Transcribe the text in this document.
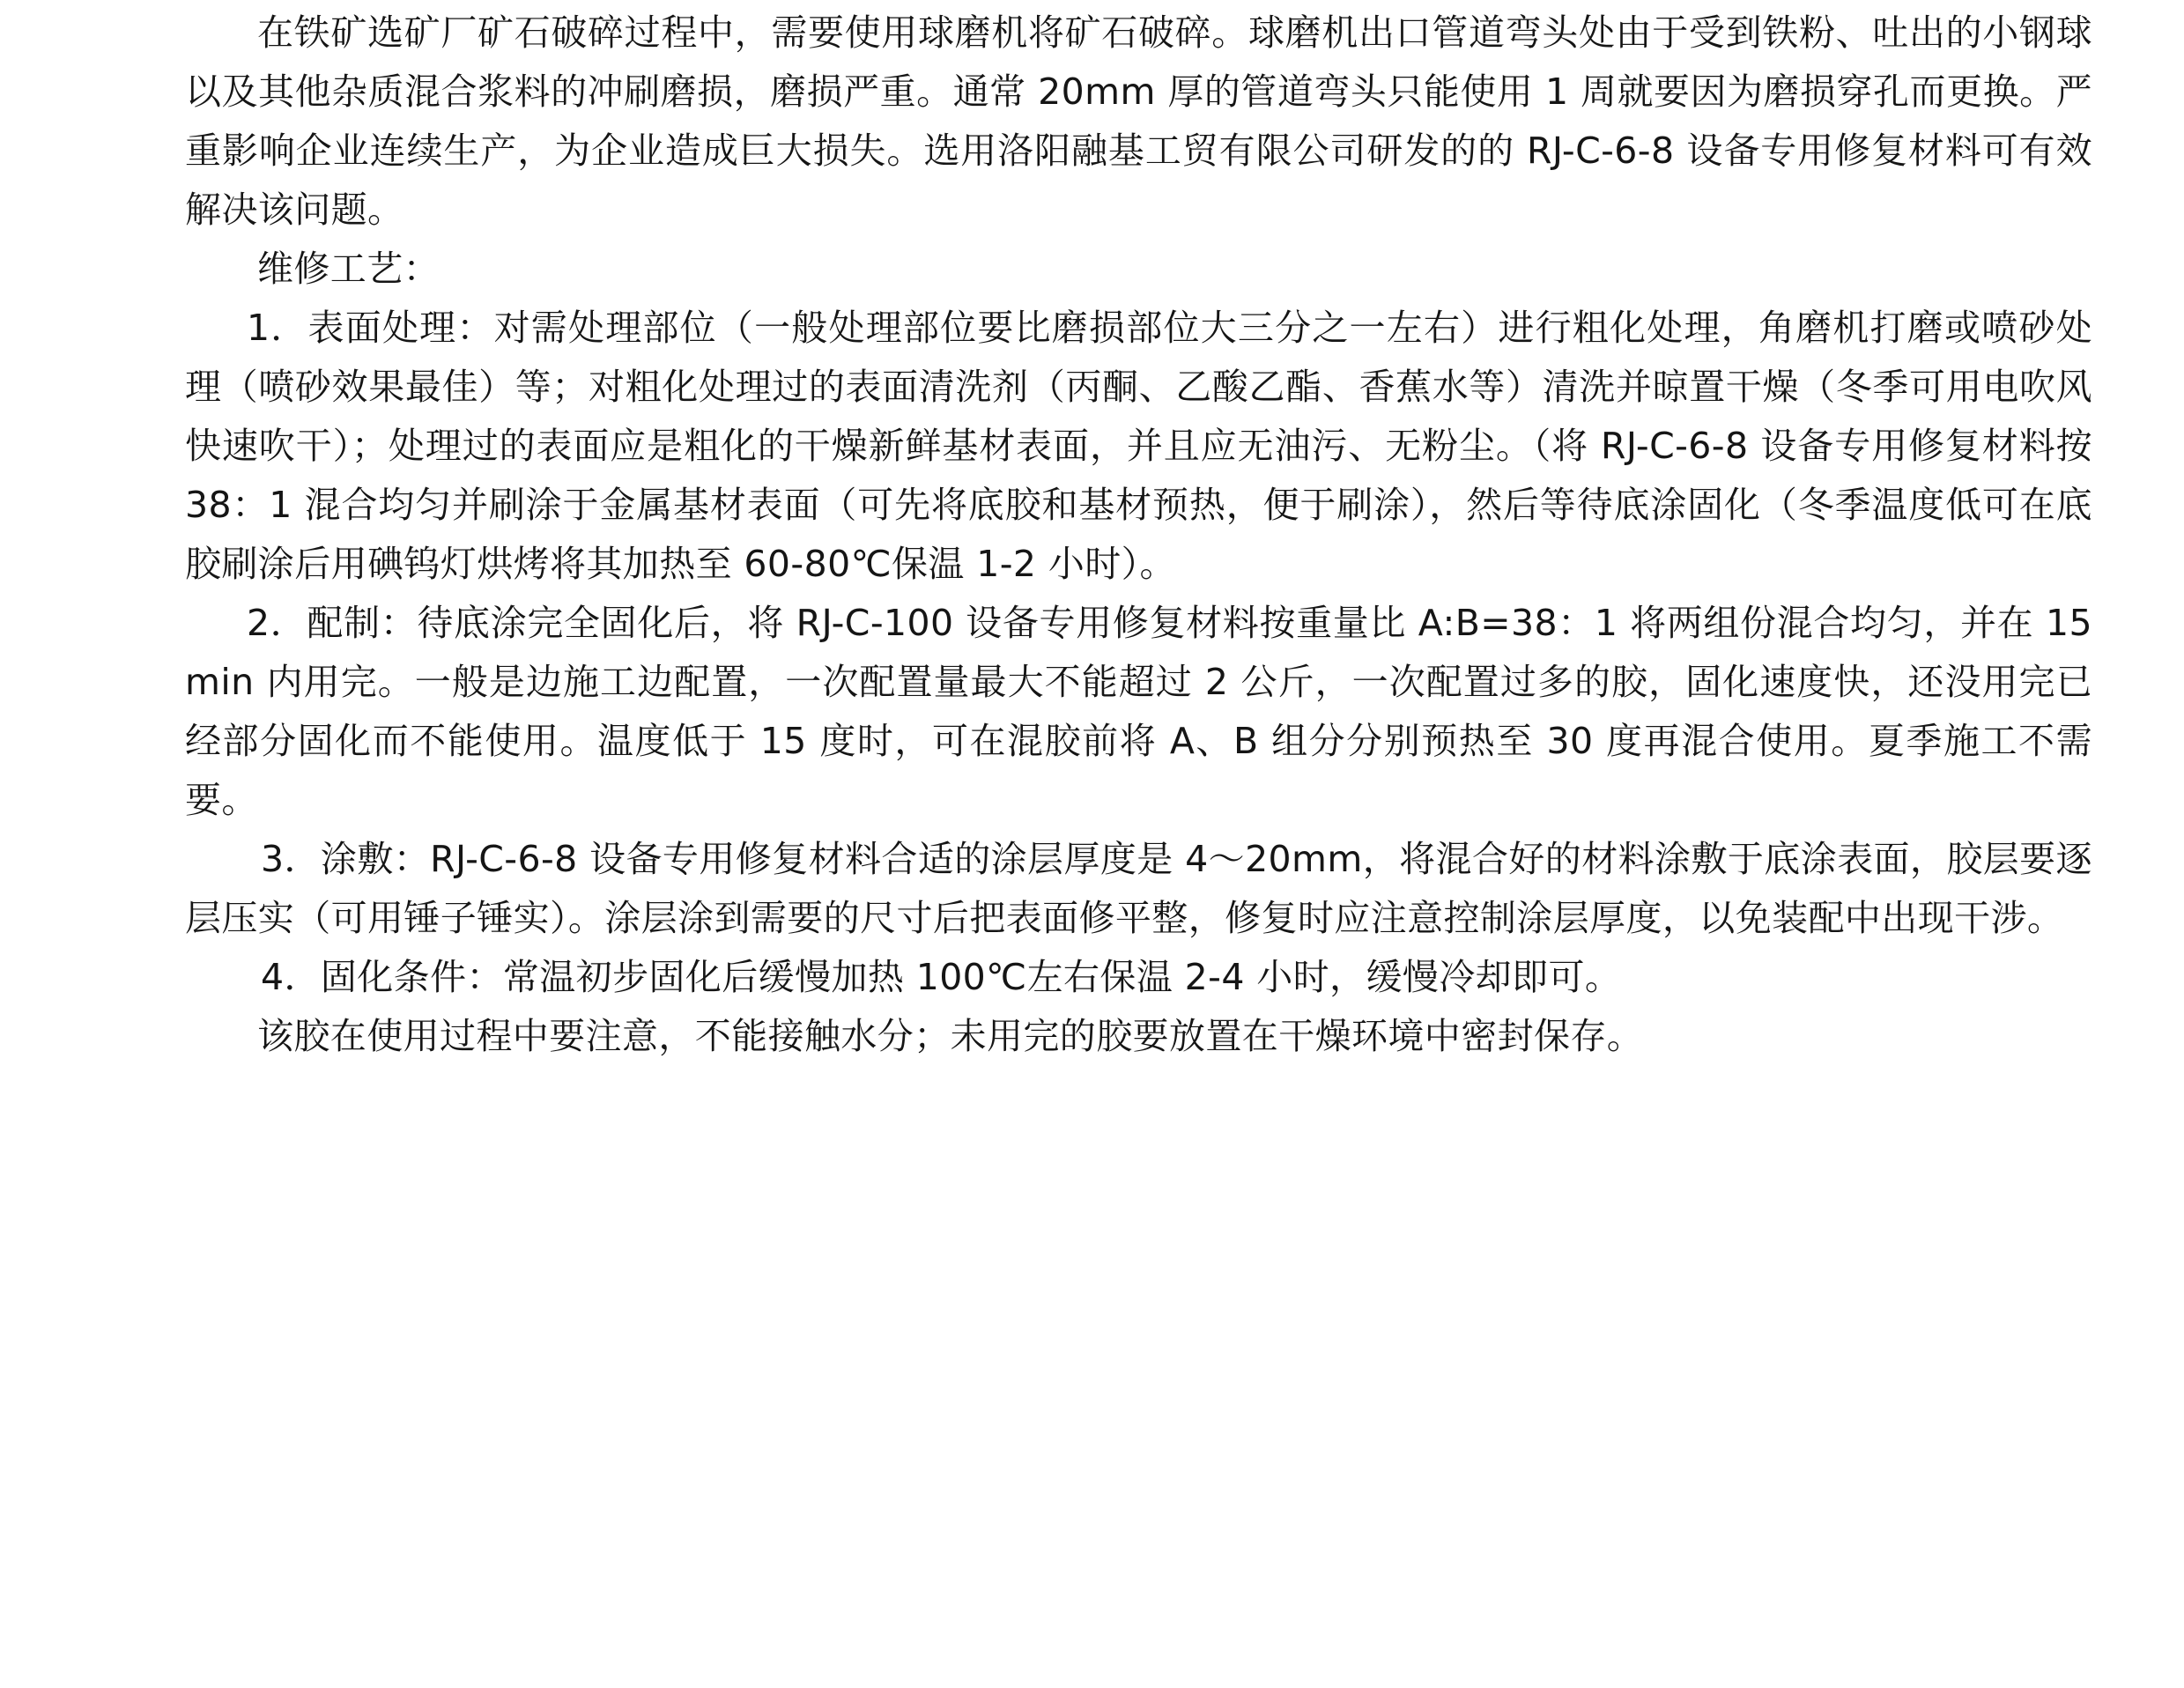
在铁矿选矿厂矿石破碎过程中，需要使用球磨机将矿石破碎。球磨机出口管道弯头处由于受到铁粉、吐出的小钢球以及其他杂质混合浆料的冲刷磨损，磨损严重。通常 20mm 厚的管道弯头只能使用 1 周就要因为磨损穿孔而更换。严重影响企业连续生产，为企业造成巨大损失。选用洛阳融基工贸有限公司研发的的 RJ-C-6-8 设备专用修复材料可有效解决该问题。

维修工艺：

1．表面处理：对需处理部位（一般处理部位要比磨损部位大三分之一左右）进行粗化处理，角磨机打磨或喷砂处理（喷砂效果最佳）等；对粗化处理过的表面清洗剂（丙酮、乙酸乙酯、香蕉水等）清洗并晾置干燥（冬季可用电吹风快速吹干）；处理过的表面应是粗化的干燥新鲜基材表面，并且应无油污、无粉尘。（将 RJ-C-6-8 设备专用修复材料按 38：1 混合均匀并刷涂于金属基材表面（可先将底胶和基材预热，便于刷涂），然后等待底涂固化（冬季温度低可在底胶刷涂后用碘钨灯烘烤将其加热至 60-80℃保温 1-2 小时）。

2．配制：待底涂完全固化后，将 RJ-C-100 设备专用修复材料按重量比 A:B=38：1 将两组份混合均匀，并在 15min 内用完。一般是边施工边配置，一次配置量最大不能超过 2 公斤，一次配置过多的胶，固化速度快，还没用完已经部分固化而不能使用。温度低于 15 度时，可在混胶前将 A、B 组分分别预热至 30 度再混合使用。夏季施工不需要。

3．涂敷：RJ-C-6-8 设备专用修复材料合适的涂层厚度是 4～20mm，将混合好的材料涂敷于底涂表面，胶层要逐层压实（可用锤子锤实）。涂层涂到需要的尺寸后把表面修平整，修复时应注意控制涂层厚度，以免装配中出现干涉。

4．固化条件：常温初步固化后缓慢加热 100℃左右保温 2-4 小时，缓慢冷却即可。

该胶在使用过程中要注意，不能接触水分；未用完的胶要放置在干燥环境中密封保存。
